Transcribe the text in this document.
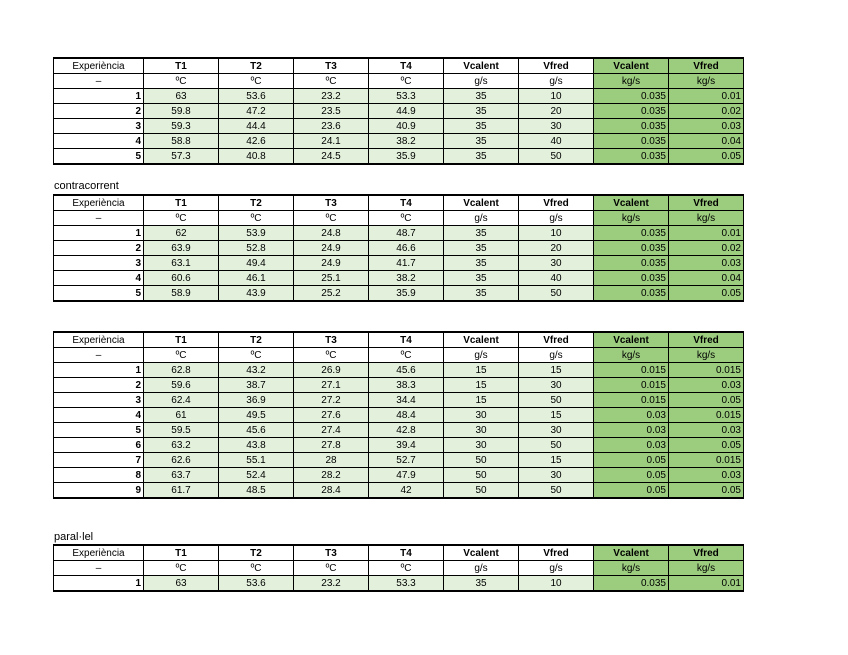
Experiència	T1	T2	T3	T4	Vcalent	Vfred	Vcalent	Vfred
–	ºC	ºC	ºC	ºC	g/s	g/s	kg/s	kg/s
1	63	53.6	23.2	53.3	35	10	0.035	0.01
2	59.8	47.2	23.5	44.9	35	20	0.035	0.02
3	59.3	44.4	23.6	40.9	35	30	0.035	0.03
4	58.8	42.6	24.1	38.2	35	40	0.035	0.04
5	57.3	40.8	24.5	35.9	35	50	0.035	0.05
contracorrent
Experiència	T1	T2	T3	T4	Vcalent	Vfred	Vcalent	Vfred
–	ºC	ºC	ºC	ºC	g/s	g/s	kg/s	kg/s
1	62	53.9	24.8	48.7	35	10	0.035	0.01
2	63.9	52.8	24.9	46.6	35	20	0.035	0.02
3	63.1	49.4	24.9	41.7	35	30	0.035	0.03
4	60.6	46.1	25.1	38.2	35	40	0.035	0.04
5	58.9	43.9	25.2	35.9	35	50	0.035	0.05
Experiència	T1	T2	T3	T4	Vcalent	Vfred	Vcalent	Vfred
–	ºC	ºC	ºC	ºC	g/s	g/s	kg/s	kg/s
1	62.8	43.2	26.9	45.6	15	15	0.015	0.015
2	59.6	38.7	27.1	38.3	15	30	0.015	0.03
3	62.4	36.9	27.2	34.4	15	50	0.015	0.05
4	61	49.5	27.6	48.4	30	15	0.03	0.015
5	59.5	45.6	27.4	42.8	30	30	0.03	0.03
6	63.2	43.8	27.8	39.4	30	50	0.03	0.05
7	62.6	55.1	28	52.7	50	15	0.05	0.015
8	63.7	52.4	28.2	47.9	50	30	0.05	0.03
9	61.7	48.5	28.4	42	50	50	0.05	0.05
paral·lel
Experiència	T1	T2	T3	T4	Vcalent	Vfred	Vcalent	Vfred
–	ºC	ºC	ºC	ºC	g/s	g/s	kg/s	kg/s
1	63	53.6	23.2	53.3	35	10	0.035	0.01
